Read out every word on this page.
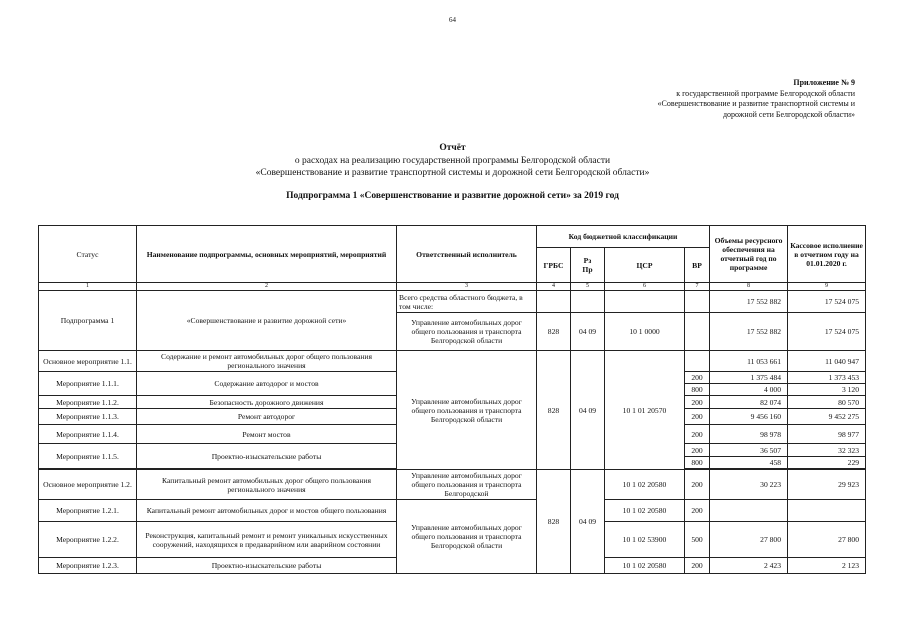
64
Приложение № 9
к государственной программе Белгородской области
«Совершенствование и развитие транспортной системы и
дорожной сети Белгородской области»
Отчёт
о расходах на реализацию государственной программы Белгородской области
«Совершенствование и развитие транспортной системы и дорожной сети Белгородской области»
Подпрограмма 1 «Совершенствование и развитие дорожной сети» за 2019 год
Статус	Наименование подпрограммы, основных мероприятий, мероприятий	Ответственный исполнитель	Код бюджетной классификации				Объемы ресурсного обеспечения на отчетный год по программе	Кассовое исполнение в отчетном году на 01.01.2020 г.
			ГРБС	Рз
Пр	ЦСР	ВР		
1	2	3	4	5	6	7	8	9
Подпрограмма 1	«Совершенствование и развитие дорожной сети»	Всего средства областного бюджета, в том числе:					17 552 882	17 524 075
		Управление автомобильных дорог общего пользования и транспорта Белгородской области	828	04 09	10 1 0000		17 552 882	17 524 075
Основное мероприятие 1.1.	Содержание и ремонт автомобильных дорог общего пользования регионального значения	Управление автомобильных дорог общего пользования и транспорта Белгородской области	828	04 09	10 1 01 20570		11 053 661	11 040 947
Мероприятие 1.1.1.	Содержание автодорог и мостов					200	1 375 484	1 373 453
						800	4 000	3 120
Мероприятие 1.1.2.	Безопасность дорожного движения					200	82 074	80 570
Мероприятие 1.1.3.	Ремонт автодорог					200	9 456 160	9 452 275
Мероприятие 1.1.4.	Ремонт мостов					200	98 978	98 977
Мероприятие 1.1.5.	Проектно-изыскательские работы					200	36 507	32 323
						800	458	229

Основное мероприятие 1.2.	Капитальный ремонт автомобильных дорог общего пользования регионального значения	Управление автомобильных дорог общего пользования и транспорта Белгородской	828	04 09	10 1 02 20580	200	30 223	29 923
Мероприятие 1.2.1.	Капитальный ремонт автомобильных дорог и мостов общего пользования	Управление автомобильных дорог общего пользования и транспорта Белгородской области			10 1 02 20580	200		
Мероприятие 1.2.2.	Реконструкция, капитальный ремонт и ремонт уникальных искусственных сооружений, находящихся в предаварийном или аварийном состоянии				10 1 02 53900	500	27 800	27 800
Мероприятие 1.2.3.	Проектно-изыскательские работы				10 1 02 20580	200	2 423	2 123
